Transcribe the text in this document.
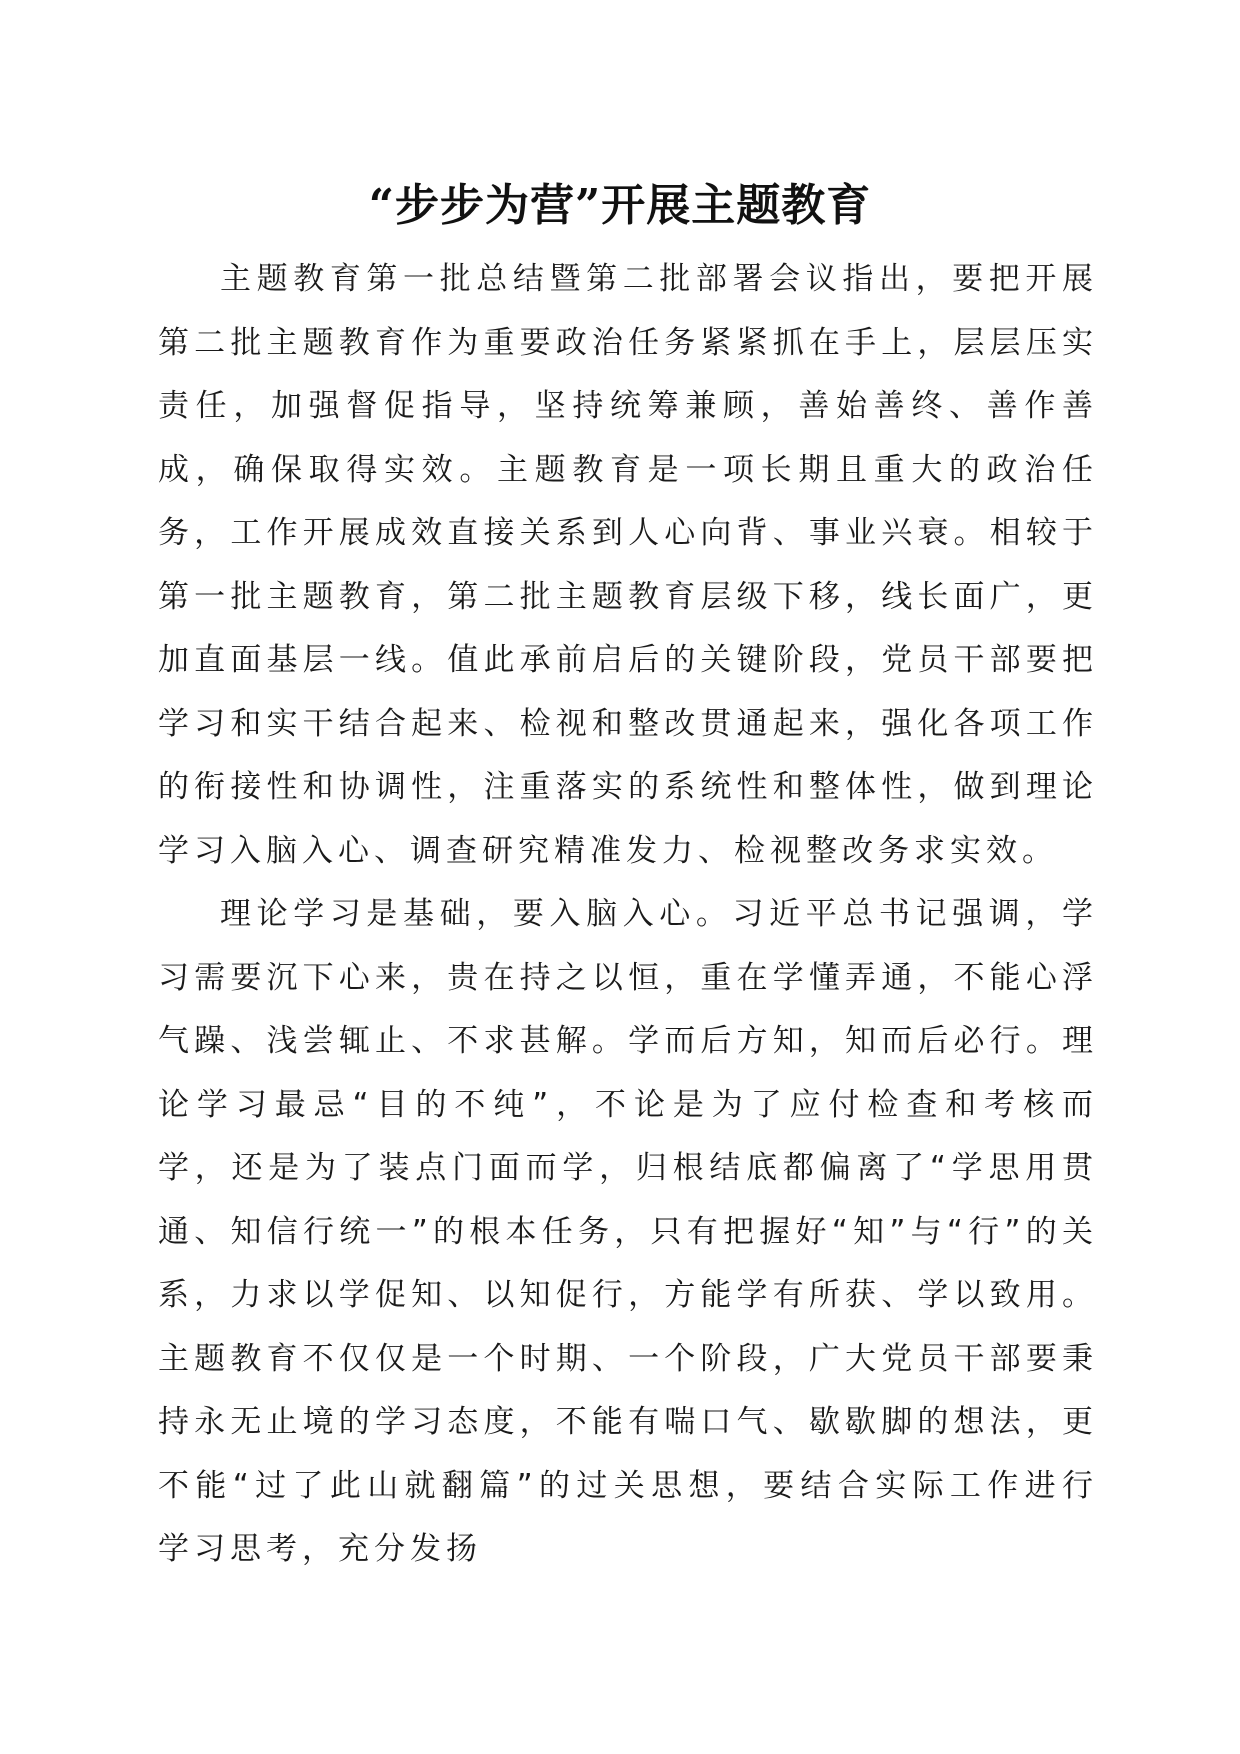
“步步为营”开展主题教育

主题教育第一批总结暨第二批部署会议指出，要把开展第二批主题教育作为重要政治任务紧紧抓在手上，层层压实责任，加强督促指导，坚持统筹兼顾，善始善终、善作善成，确保取得实效。主题教育是一项长期且重大的政治任务，工作开展成效直接关系到人心向背、事业兴衰。相较于第一批主题教育，第二批主题教育层级下移，线长面广，更加直面基层一线。值此承前启后的关键阶段，党员干部要把学习和实干结合起来、检视和整改贯通起来，强化各项工作的衔接性和协调性，注重落实的系统性和整体性，做到理论学习入脑入心、调查研究精准发力、检视整改务求实效。

理论学习是基础，要入脑入心。习近平总书记强调，学习需要沉下心来，贵在持之以恒，重在学懂弄通，不能心浮气躁、浅尝辄止、不求甚解。学而后方知，知而后必行。理论学习最忌“目的不纯”，不论是为了应付检查和考核而学，还是为了装点门面而学，归根结底都偏离了“学思用贯通、知信行统一”的根本任务，只有把握好“知”与“行”的关系，力求以学促知、以知促行，方能学有所获、学以致用。主题教育不仅仅是一个时期、一个阶段，广大党员干部要秉持永无止境的学习态度，不能有喘口气、歇歇脚的想法，更不能“过了此山就翻篇”的过关思想，要结合实际工作进行学习思考，充分发扬
